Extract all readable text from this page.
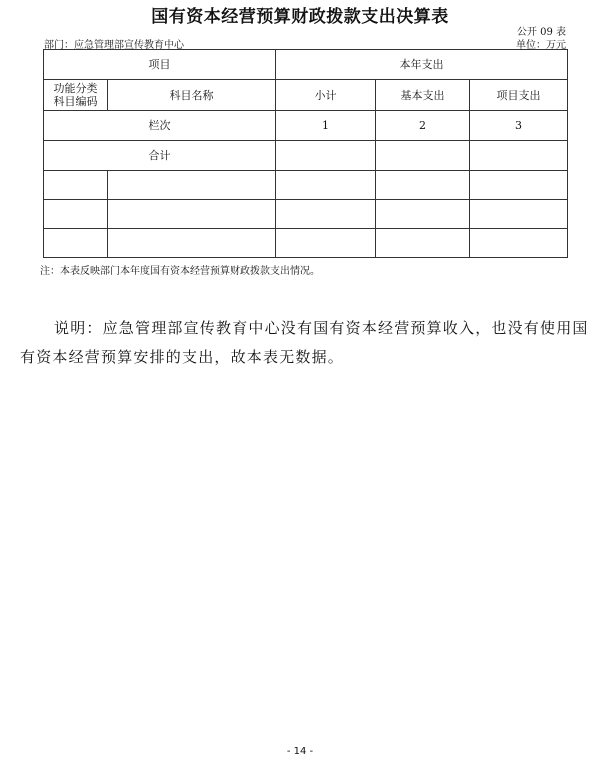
国有资本经营预算财政拨款支出决算表
公开 09 表
部门：应急管理部宣传教育中心	单位：万元
项目		本年支出		

功能分类
科目编码	科目名称	小计	基本支出	项目支出
栏次		1	2	3
合计				

注：本表反映部门本年度国有资本经营预算财政拨款支出情况。

说明：应急管理部宣传教育中心没有国有资本经营预算收入，也没有使用国有资本经营预算安排的支出，故本表无数据。

- 14 -
